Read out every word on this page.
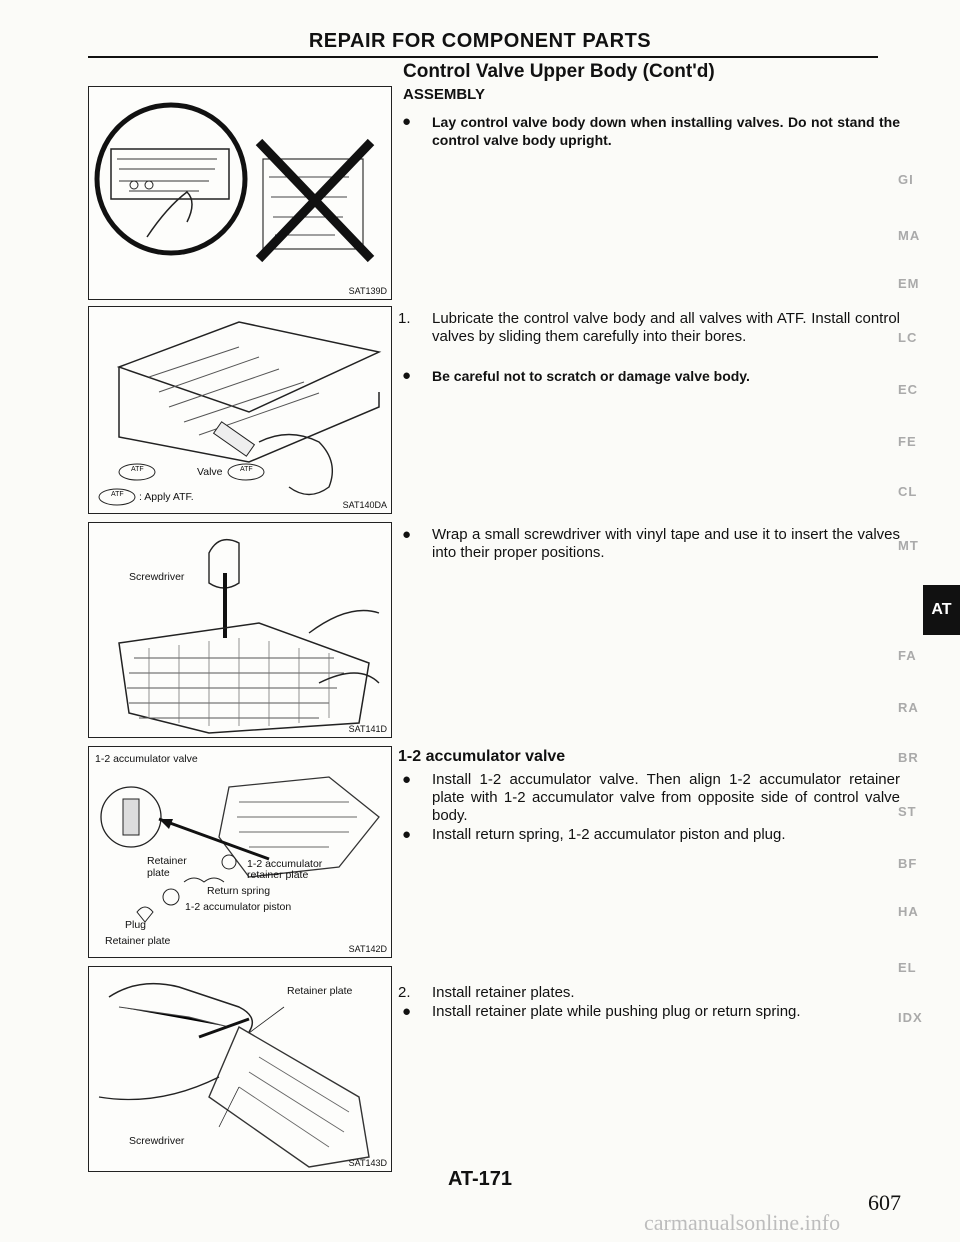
REPAIR FOR COMPONENT PARTS
SAT139D
ATF	Valve	ATF
ATF : Apply ATF.
SAT140DA
Screwdriver
SAT141D
1-2 accumulator valve
Retainer plate
1-2 accumulator retainer plate
Return spring
1-2 accumulator piston
Plug
Retainer plate
SAT142D
Retainer plate
Screwdriver
SAT143D
Control Valve Upper Body (Cont'd)
ASSEMBLY
● Lay control valve body down when installing valves. Do not stand the control valve body upright.
1. Lubricate the control valve body and all valves with ATF. Install control valves by sliding them carefully into their bores.
● Be careful not to scratch or damage valve body.
● Wrap a small screwdriver with vinyl tape and use it to insert the valves into their proper positions.
1-2 accumulator valve
● Install 1-2 accumulator valve. Then align 1-2 accumulator retainer plate with 1-2 accumulator valve from opposite side of control valve body.
● Install return spring, 1-2 accumulator piston and plug.
2. Install retainer plates.
● Install retainer plate while pushing plug or return spring.
GI
MA
EM
LC
EC
FE
CL
MT
AT
FA
RA
BR
ST
BF
HA
EL
IDX
AT-171
607
carmanualsonline.info
